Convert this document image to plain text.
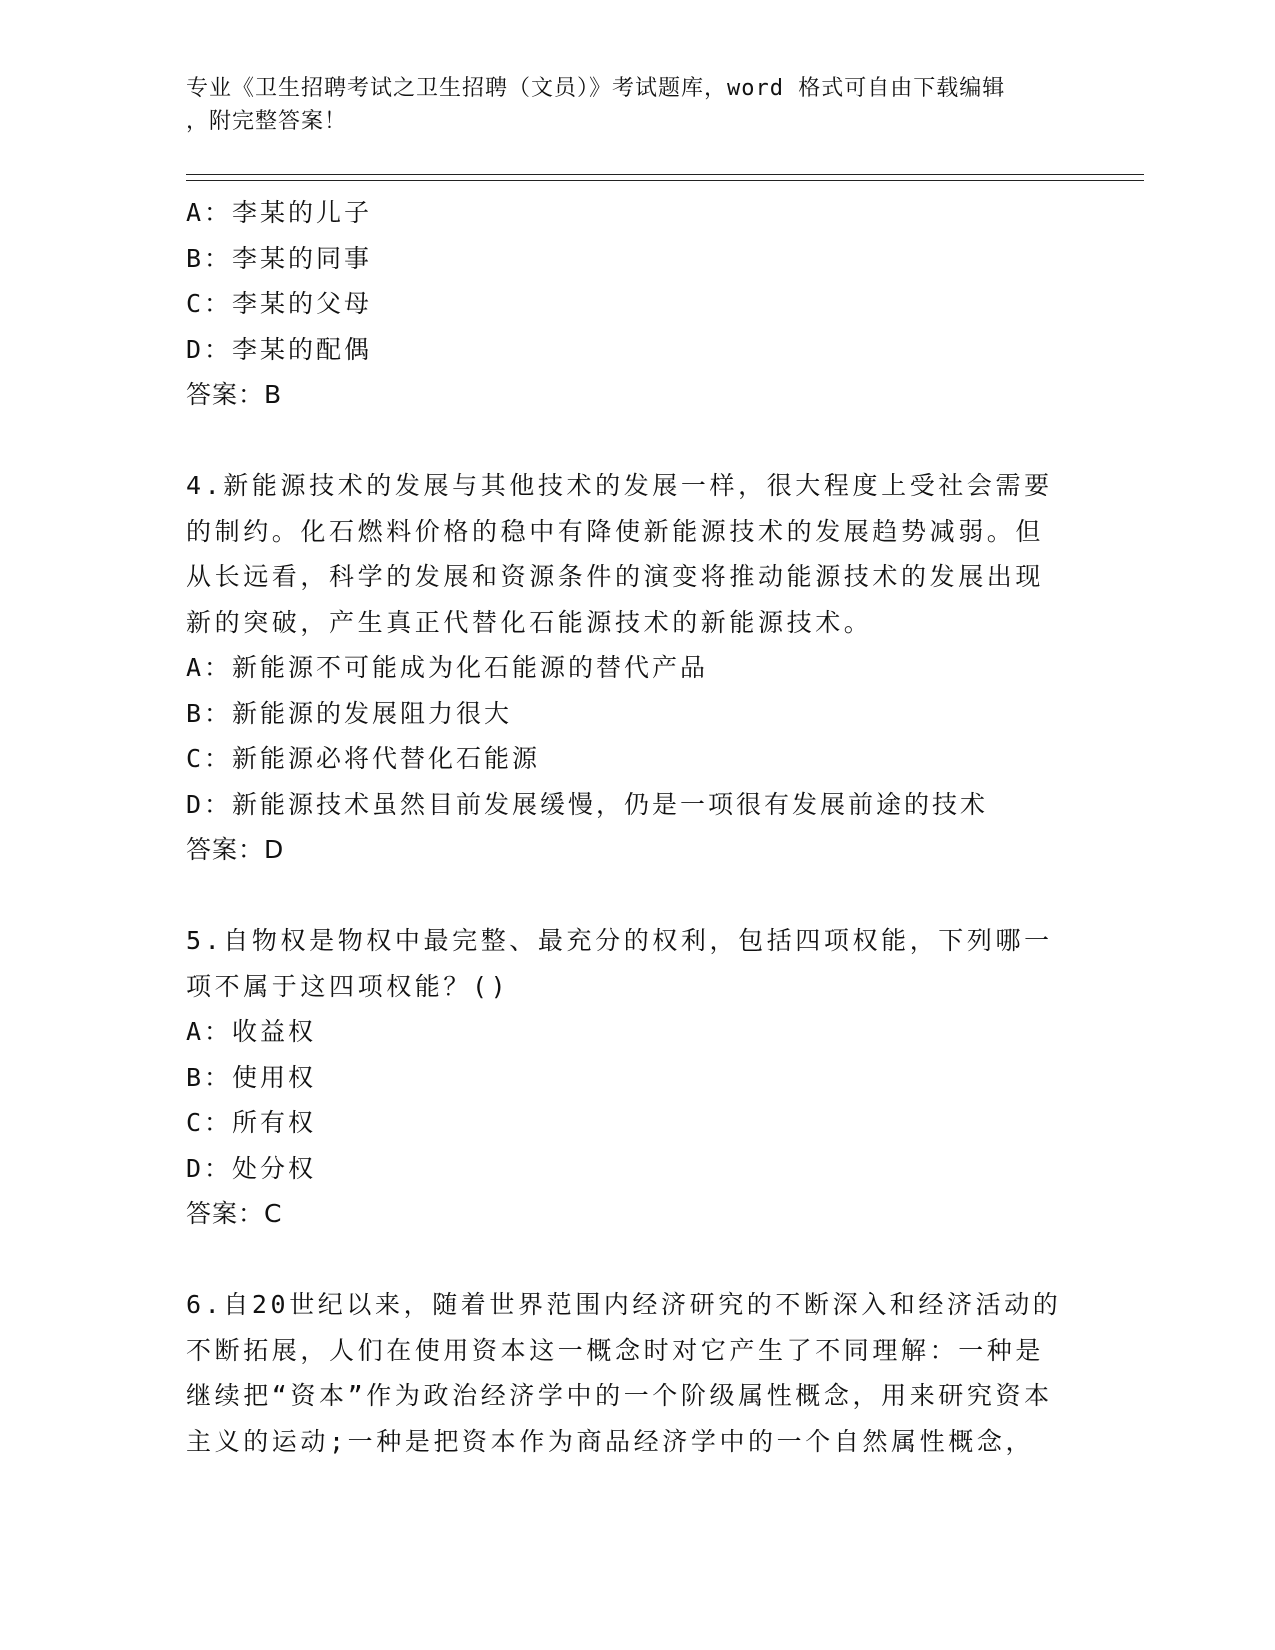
专业《卫生招聘考试之卫生招聘（文员）》考试题库，word 格式可自由下载编辑
，附完整答案！
A：李某的儿子
B：李某的同事
C：李某的父母
D：李某的配偶
答案：B
4.新能源技术的发展与其他技术的发展一样，很大程度上受社会需要的制约。化石燃料价格的稳中有降使新能源技术的发展趋势减弱。但从长远看，科学的发展和资源条件的演变将推动能源技术的发展出现新的突破，产生真正代替化石能源技术的新能源技术。
A：新能源不可能成为化石能源的替代产品
B：新能源的发展阻力很大
C：新能源必将代替化石能源
D：新能源技术虽然目前发展缓慢，仍是一项很有发展前途的技术
答案：D
5.自物权是物权中最完整、最充分的权利，包括四项权能，下列哪一项不属于这四项权能？()
A：收益权
B：使用权
C：所有权
D：处分权
答案：C
6.自20世纪以来，随着世界范围内经济研究的不断深入和经济活动的不断拓展，人们在使用资本这一概念时对它产生了不同理解：一种是继续把“资本”作为政治经济学中的一个阶级属性概念，用来研究资本主义的运动;一种是把资本作为商品经济学中的一个自然属性概念，
